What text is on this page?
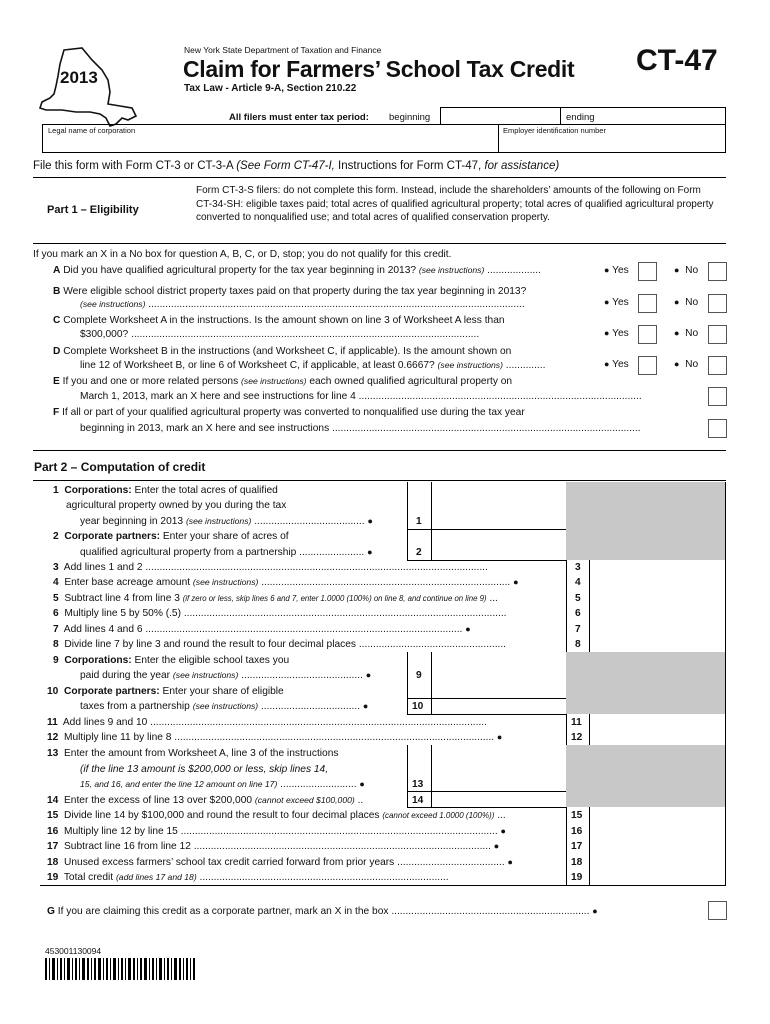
2013
New York State Department of Taxation and Finance
Claim for Farmers’ School Tax Credit
Tax Law - Article 9-A, Section 210.22
CT-47
All filers must enter tax period: beginning	ending
Legal name of corporation	Employer identification number
File this form with Form CT-3 or CT-3-A (See Form CT-47-I, Instructions for Form CT-47, for assistance)
Part 1 – Eligibility
Form CT-3-S filers: do not complete this form. Instead, include the shareholders’ amounts of the following on Form CT-34-SH: eligible taxes paid; total acres of qualified agricultural property; total acres of qualified agricultural property converted to nonqualified use; and total acres of qualified conservation property.
If you mark an X in a No box for question A, B, C, or D, stop; you do not qualify for this credit.
A Did you have qualified agricultural property for the tax year beginning in 2013? (see instructions) ...................	● Yes	● No
B Were eligible school district property taxes paid on that property during the tax year beginning in 2013?
(see instructions) .....................................................................................................................................	● Yes	● No
C Complete Worksheet A in the instructions. Is the amount shown on line 3 of Worksheet A less than
$300,000? ...........................................................................................................................	● Yes	● No
D Complete Worksheet B in the instructions (and Worksheet C, if applicable). Is the amount shown on
line 12 of Worksheet B, or line 6 of Worksheet C, if applicable, at least 0.6667? (see instructions) ..............	● Yes	● No
E If you and one or more related persons (see instructions) each owned qualified agricultural property on
March 1, 2013, mark an X here and see instructions for line 4 ....................................................................................................
F If all or part of your qualified agricultural property was converted to nonqualified use during the tax year
beginning in 2013, mark an X here and see instructions .............................................................................................................
Part 2 – Computation of credit
1 Corporations: Enter the total acres of qualified
agricultural property owned by you during the tax
year beginning in 2013 (see instructions) ....................................... ●	1
2 Corporate partners: Enter your share of acres of
qualified agricultural property from a partnership ....................... ●	2
3 Add lines 1 and 2 .........................................................................................................................	3
4 Enter base acreage amount (see instructions) ........................................................................................ ●	4
5 Subtract line 4 from line 3 (if zero or less, skip lines 6 and 7, enter 1.0000 (100%) on line 8, and continue on line 9) ...	5
6 Multiply line 5 by 50% (.5) ..................................................................................................................	6
7 Add lines 4 and 6 ................................................................................................................ ●	7
8 Divide line 7 by line 3 and round the result to four decimal places ....................................................	8
9 Corporations: Enter the eligible school taxes you
paid during the year (see instructions) ........................................... ●	9
10 Corporate partners: Enter your share of eligible
taxes from a partnership (see instructions) ................................... ●	10
11 Add lines 9 and 10 .......................................................................................................................	11
12 Multiply line 11 by line 8 ................................................................................................................. ●	12
13 Enter the amount from Worksheet A, line 3 of the instructions
(if the line 13 amount is $200,000 or less, skip lines 14,
15, and 16, and enter the line 12 amount on line 17) ........................... ●	13
14 Enter the excess of line 13 over $200,000 (cannot exceed $100,000) ..	14
15 Divide line 14 by $100,000 and round the result to four decimal places (cannot exceed 1.0000 (100%)) ...	15
16 Multiply line 12 by line 15 ................................................................................................................ ●	16
17 Subtract line 16 from line 12 ......................................................................................................... ●	17
18 Unused excess farmers’ school tax credit carried forward from prior years ...................................... ●	18
19 Total credit (add lines 17 and 18) ........................................................................................	19
G If you are claiming this credit as a corporate partner, mark an X in the box ...................................................................... ●
453001130094
